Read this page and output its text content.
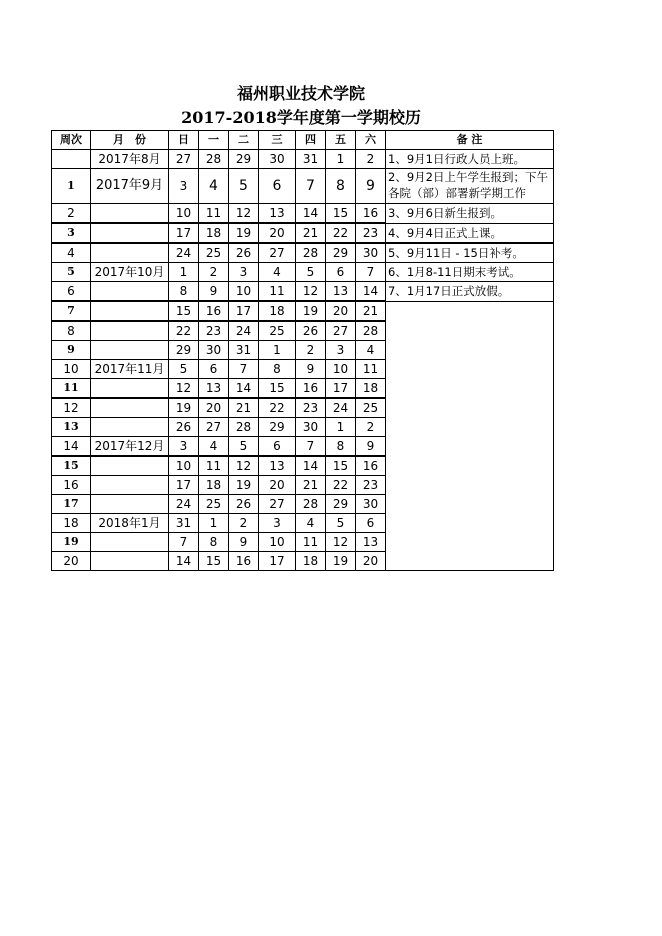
福州职业技术学院
2017-2018学年度第一学期校历
周次	月　份	日	一	二	三	四	五	六	备 注
	2017年8月	27	28	29	30	31	1	2	1、9月1日行政人员上班。
1	2017年9月	3	4	5	6	7	8	9	2、9月2日上午学生报到；下午各院（部）部署新学期工作
2		10	11	12	13	14	15	16	3、9月6日新生报到。
3		17	18	19	20	21	22	23	4、9月4日正式上课。
4		24	25	26	27	28	29	30	5、9月11日 - 15日补考。
5	2017年10月	1	2	3	4	5	6	7	6、1月8-11日期末考试。
6		8	9	10	11	12	13	14	7、1月17日正式放假。
7		15	16	17	18	19	20	21	
8		22	23	24	25	26	27	28	
9		29	30	31	1	2	3	4	
10	2017年11月	5	6	7	8	9	10	11	
11		12	13	14	15	16	17	18	
12		19	20	21	22	23	24	25	
13		26	27	28	29	30	1	2	
14	2017年12月	3	4	5	6	7	8	9	
15		10	11	12	13	14	15	16	
16		17	18	19	20	21	22	23	
17		24	25	26	27	28	29	30	
18	2018年1月	31	1	2	3	4	5	6	
19		7	8	9	10	11	12	13	
20		14	15	16	17	18	19	20	
